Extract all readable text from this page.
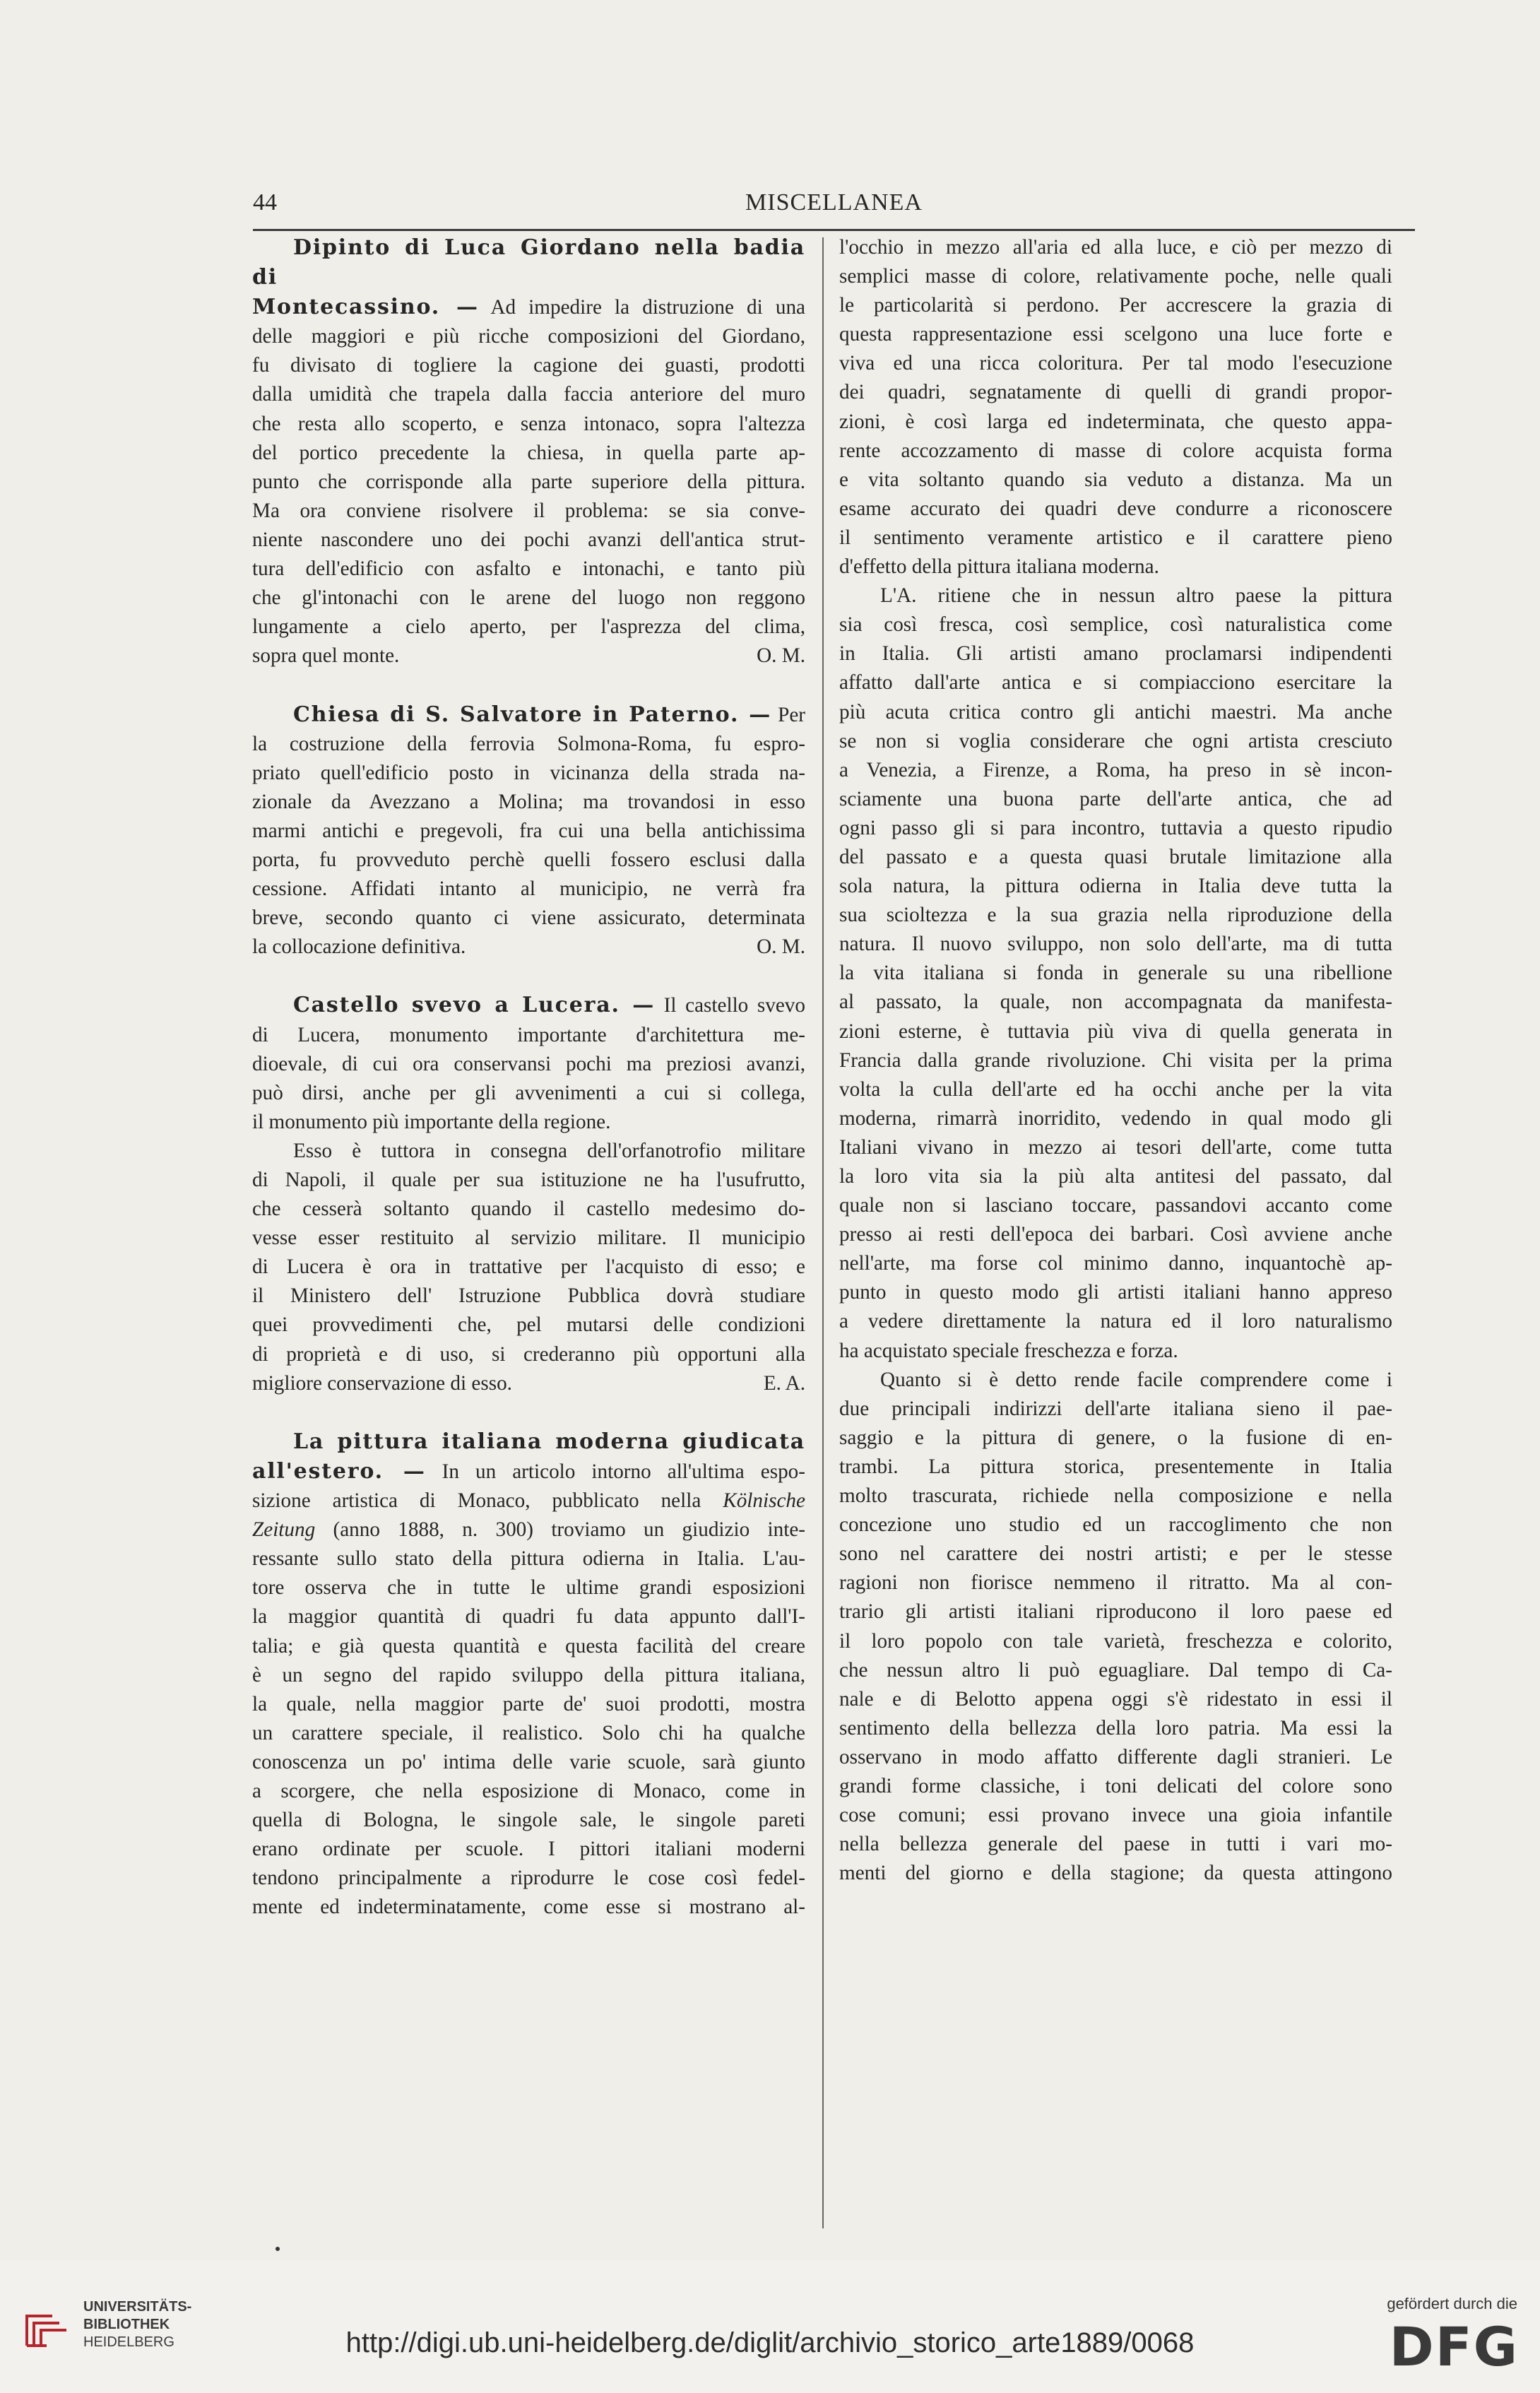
44	MISCELLANEA

Dipinto di Luca Giordano nella badia di

Montecassino. — Ad impedire la distruzione di una

delle maggiori e più ricche composizioni del Giordano,

fu divisato di togliere la cagione dei guasti, prodotti

dalla umidità che trapela dalla faccia anteriore del muro

che resta allo scoperto, e senza intonaco, sopra l'altezza

del portico precedente la chiesa, in quella parte ap-

punto che corrisponde alla parte superiore della pittura.

Ma ora conviene risolvere il problema: se sia conve-

niente nascondere uno dei pochi avanzi dell'antica strut-

tura dell'edificio con asfalto e intonachi, e tanto più

che gl'intonachi con le arene del luogo non reggono

lungamente a cielo aperto, per l'asprezza del clima,

sopra quel monte.	O. M.

Chiesa di S. Salvatore in Paterno. — Per

la costruzione della ferrovia Solmona-Roma, fu espro-

priato quell'edificio posto in vicinanza della strada na-

zionale da Avezzano a Molina; ma trovandosi in esso

marmi antichi e pregevoli, fra cui una bella antichissima

porta, fu provveduto perchè quelli fossero esclusi dalla

cessione. Affidati intanto al municipio, ne verrà fra

breve, secondo quanto ci viene assicurato, determinata

la collocazione definitiva.	O. M.

Castello svevo a Lucera. — Il castello svevo

di Lucera, monumento importante d'architettura me-

dioevale, di cui ora conservansi pochi ma preziosi avanzi,

può dirsi, anche per gli avvenimenti a cui si collega,

il monumento più importante della regione.

Esso è tuttora in consegna dell'orfanotrofio militare

di Napoli, il quale per sua istituzione ne ha l'usufrutto,

che cesserà soltanto quando il castello medesimo do-

vesse esser restituito al servizio militare. Il municipio

di Lucera è ora in trattative per l'acquisto di esso; e

il Ministero dell' Istruzione Pubblica dovrà studiare

quei provvedimenti che, pel mutarsi delle condizioni

di proprietà e di uso, si crederanno più opportuni alla

migliore conservazione di esso.	E. A.

La pittura italiana moderna giudicata

all'estero. — In un articolo intorno all'ultima espo-

sizione artistica di Monaco, pubblicato nella Kölnische

Zeitung (anno 1888, n. 300) troviamo un giudizio inte-

ressante sullo stato della pittura odierna in Italia. L'au-

tore osserva che in tutte le ultime grandi esposizioni

la maggior quantità di quadri fu data appunto dall'I-

talia; e già questa quantità e questa facilità del creare

è un segno del rapido sviluppo della pittura italiana,

la quale, nella maggior parte de' suoi prodotti, mostra

un carattere speciale, il realistico. Solo chi ha qualche

conoscenza un po' intima delle varie scuole, sarà giunto

a scorgere, che nella esposizione di Monaco, come in

quella di Bologna, le singole sale, le singole pareti

erano ordinate per scuole. I pittori italiani moderni

tendono principalmente a riprodurre le cose così fedel-

mente ed indeterminatamente, come esse si mostrano al-

l'occhio in mezzo all'aria ed alla luce, e ciò per mezzo di

semplici masse di colore, relativamente poche, nelle quali

le particolarità si perdono. Per accrescere la grazia di

questa rappresentazione essi scelgono una luce forte e

viva ed una ricca coloritura. Per tal modo l'esecuzione

dei quadri, segnatamente di quelli di grandi propor-

zioni, è così larga ed indeterminata, che questo appa-

rente accozzamento di masse di colore acquista forma

e vita soltanto quando sia veduto a distanza. Ma un

esame accurato dei quadri deve condurre a riconoscere

il sentimento veramente artistico e il carattere pieno

d'effetto della pittura italiana moderna.

L'A. ritiene che in nessun altro paese la pittura

sia così fresca, così semplice, così naturalistica come

in Italia. Gli artisti amano proclamarsi indipendenti

affatto dall'arte antica e si compiacciono esercitare la

più acuta critica contro gli antichi maestri. Ma anche

se non si voglia considerare che ogni artista cresciuto

a Venezia, a Firenze, a Roma, ha preso in sè incon-

sciamente una buona parte dell'arte antica, che ad

ogni passo gli si para incontro, tuttavia a questo ripudio

del passato e a questa quasi brutale limitazione alla

sola natura, la pittura odierna in Italia deve tutta la

sua scioltezza e la sua grazia nella riproduzione della

natura. Il nuovo sviluppo, non solo dell'arte, ma di tutta

la vita italiana si fonda in generale su una ribellione

al passato, la quale, non accompagnata da manifesta-

zioni esterne, è tuttavia più viva di quella generata in

Francia dalla grande rivoluzione. Chi visita per la prima

volta la culla dell'arte ed ha occhi anche per la vita

moderna, rimarrà inorridito, vedendo in qual modo gli

Italiani vivano in mezzo ai tesori dell'arte, come tutta

la loro vita sia la più alta antitesi del passato, dal

quale non si lasciano toccare, passandovi accanto come

presso ai resti dell'epoca dei barbari. Così avviene anche

nell'arte, ma forse col minimo danno, inquantochè ap-

punto in questo modo gli artisti italiani hanno appreso

a vedere direttamente la natura ed il loro naturalismo

ha acquistato speciale freschezza e forza.

Quanto si è detto rende facile comprendere come i

due principali indirizzi dell'arte italiana sieno il pae-

saggio e la pittura di genere, o la fusione di en-

trambi. La pittura storica, presentemente in Italia

molto trascurata, richiede nella composizione e nella

concezione uno studio ed un raccoglimento che non

sono nel carattere dei nostri artisti; e per le stesse

ragioni non fiorisce nemmeno il ritratto. Ma al con-

trario gli artisti italiani riproducono il loro paese ed

il loro popolo con tale varietà, freschezza e colorito,

che nessun altro li può eguagliare. Dal tempo di Ca-

nale e di Belotto appena oggi s'è ridestato in essi il

sentimento della bellezza della loro patria. Ma essi la

osservano in modo affatto differente dagli stranieri. Le

grandi forme classiche, i toni delicati del colore sono

cose comuni; essi provano invece una gioia infantile

nella bellezza generale del paese in tutti i vari mo-

menti del giorno e della stagione; da questa attingono

UNIVERSITÄTS-
BIBLIOTHEK
HEIDELBERG	http://digi.ub.uni-heidelberg.de/diglit/archivio_storico_arte1889/0068
gefördert durch die
DFG
